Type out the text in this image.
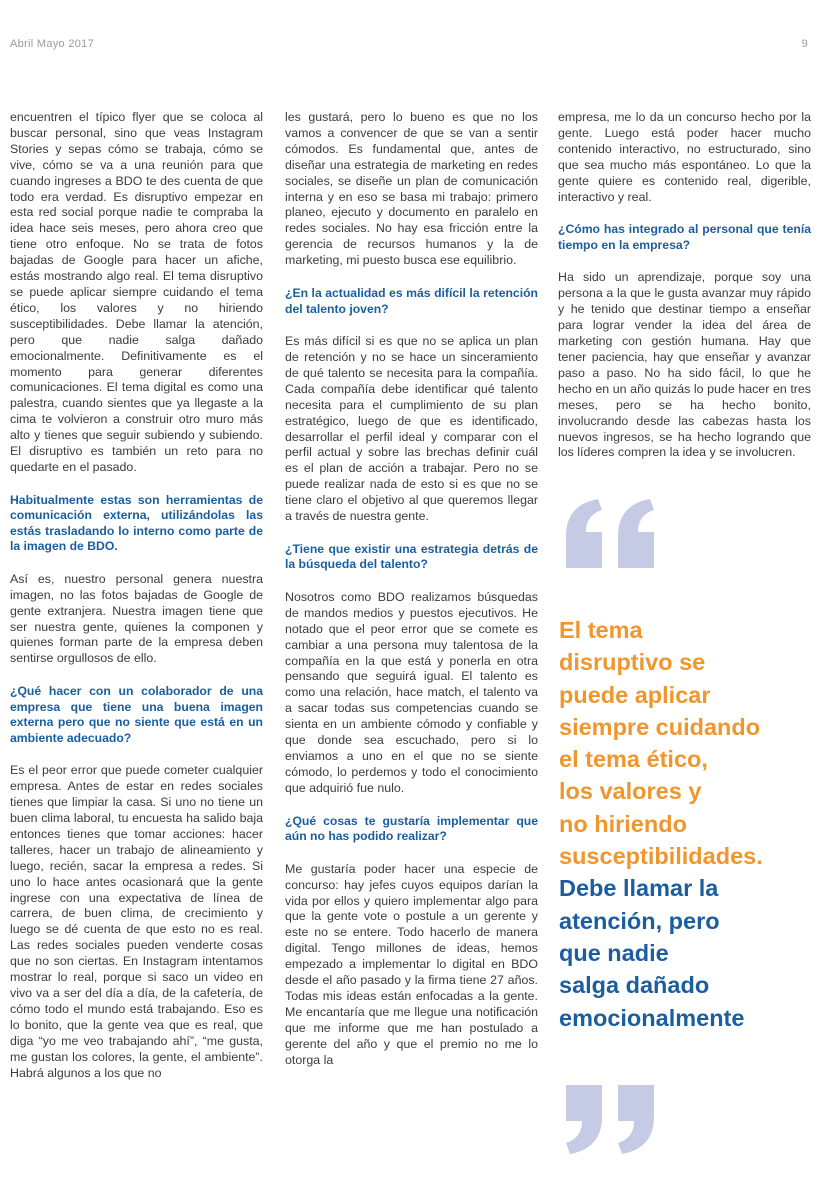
Abril Mayo 2017	9

encuentren el típico flyer que se coloca al buscar personal, sino que veas Instagram Stories y sepas cómo se trabaja, cómo se vive, cómo se va a una reunión para que cuando ingreses a BDO te des cuenta de que todo era verdad. Es disruptivo empezar en esta red social porque nadie te compraba la idea hace seis meses, pero ahora creo que tiene otro enfoque. No se trata de fotos bajadas de Google para hacer un afiche, estás mostrando algo real. El tema disruptivo se puede aplicar siempre cuidando el tema ético, los valores y no hiriendo susceptibilidades. Debe llamar la atención, pero que nadie salga dañado emocionalmente. Definitivamente es el momento para generar diferentes comunicaciones. El tema digital es como una palestra, cuando sientes que ya llegaste a la cima te volvieron a construir otro muro más alto y tienes que seguir subiendo y subiendo. El disruptivo es también un reto para no quedarte en el pasado.

Habitualmente estas son herramientas de comunicación externa, utilizándolas las estás trasladando lo interno como parte de la imagen de BDO.

Así es, nuestro personal genera nuestra imagen, no las fotos bajadas de Google de gente extranjera. Nuestra imagen tiene que ser nuestra gente, quienes la componen y quienes forman parte de la empresa deben sentirse orgullosos de ello.

¿Qué hacer con un colaborador de una empresa que tiene una buena imagen externa pero que no siente que está en un ambiente adecuado?

Es el peor error que puede cometer cualquier empresa. Antes de estar en redes sociales tienes que limpiar la casa. Si uno no tiene un buen clima laboral, tu encuesta ha salido baja entonces tienes que tomar acciones: hacer talleres, hacer un trabajo de alineamiento y luego, recién, sacar la empresa a redes. Si uno lo hace antes ocasionará que la gente ingrese con una expectativa de línea de carrera, de buen clima, de crecimiento y luego se dé cuenta de que esto no es real. Las redes sociales pueden venderte cosas que no son ciertas. En Instagram intentamos mostrar lo real, porque si saco un video en vivo va a ser del día a día, de la cafetería, de cómo todo el mundo está trabajando. Eso es lo bonito, que la gente vea que es real, que diga “yo me veo trabajando ahí”, “me gusta, me gustan los colores, la gente, el ambiente”. Habrá algunos a los que no

les gustará, pero lo bueno es que no los vamos a convencer de que se van a sentir cómodos. Es fundamental que, antes de diseñar una estrategia de marketing en redes sociales, se diseñe un plan de comunicación interna y en eso se basa mi trabajo: primero planeo, ejecuto y documento en paralelo en redes sociales. No hay esa fricción entre la gerencia de recursos humanos y la de marketing, mi puesto busca ese equilibrio.

¿En la actualidad es más difícil la retención del talento joven?

Es más difícil si es que no se aplica un plan de retención y no se hace un sinceramiento de qué talento se necesita para la compañía. Cada compañía debe identificar qué talento necesita para el cumplimiento de su plan estratégico, luego de que es identificado, desarrollar el perfil ideal y comparar con el perfil actual y sobre las brechas definir cuál es el plan de acción a trabajar. Pero no se puede realizar nada de esto si es que no se tiene claro el objetivo al que queremos llegar a través de nuestra gente.

¿Tiene que existir una estrategia detrás de la búsqueda del talento?

Nosotros como BDO realizamos búsquedas de mandos medios y puestos ejecutivos. He notado que el peor error que se comete es cambiar a una persona muy talentosa de la compañía en la que está y ponerla en otra pensando que seguirá igual. El talento es como una relación, hace match, el talento va a sacar todas sus competencias cuando se sienta en un ambiente cómodo y confiable y que donde sea escuchado, pero si lo enviamos a uno en el que no se siente cómodo, lo perdemos y todo el conocimiento que adquirió fue nulo.

¿Qué cosas te gustaría implementar que aún no has podido realizar?

Me gustaría poder hacer una especie de concurso: hay jefes cuyos equipos darían la vida por ellos y quiero implementar algo para que la gente vote o postule a un gerente y este no se entere. Todo hacerlo de manera digital. Tengo millones de ideas, hemos empezado a implementar lo digital en BDO desde el año pasado y la firma tiene 27 años. Todas mis ideas están enfocadas a la gente. Me encantaría que me llegue una notificación que me informe que me han postulado a gerente del año y que el premio no me lo otorga la

empresa, me lo da un concurso hecho por la gente. Luego está poder hacer mucho contenido interactivo, no estructurado, sino que sea mucho más espontáneo. Lo que la gente quiere es contenido real, digerible, interactivo y real.

¿Cómo has integrado al personal que tenía tiempo en la empresa?

Ha sido un aprendizaje, porque soy una persona a la que le gusta avanzar muy rápido y he tenido que destinar tiempo a enseñar para lograr vender la idea del área de marketing con gestión humana. Hay que tener paciencia, hay que enseñar y avanzar paso a paso. No ha sido fácil, lo que he hecho en un año quizás lo pude hacer en tres meses, pero se ha hecho bonito, involucrando desde las cabezas hasta los nuevos ingresos, se ha hecho logrando que los líderes compren la idea y se involucren.

El tema
disruptivo se
puede aplicar
siempre cuidando
el tema ético,
los valores y
no hiriendo
susceptibilidades.
Debe llamar la
atención, pero
que nadie
salga dañado
emocionalmente
